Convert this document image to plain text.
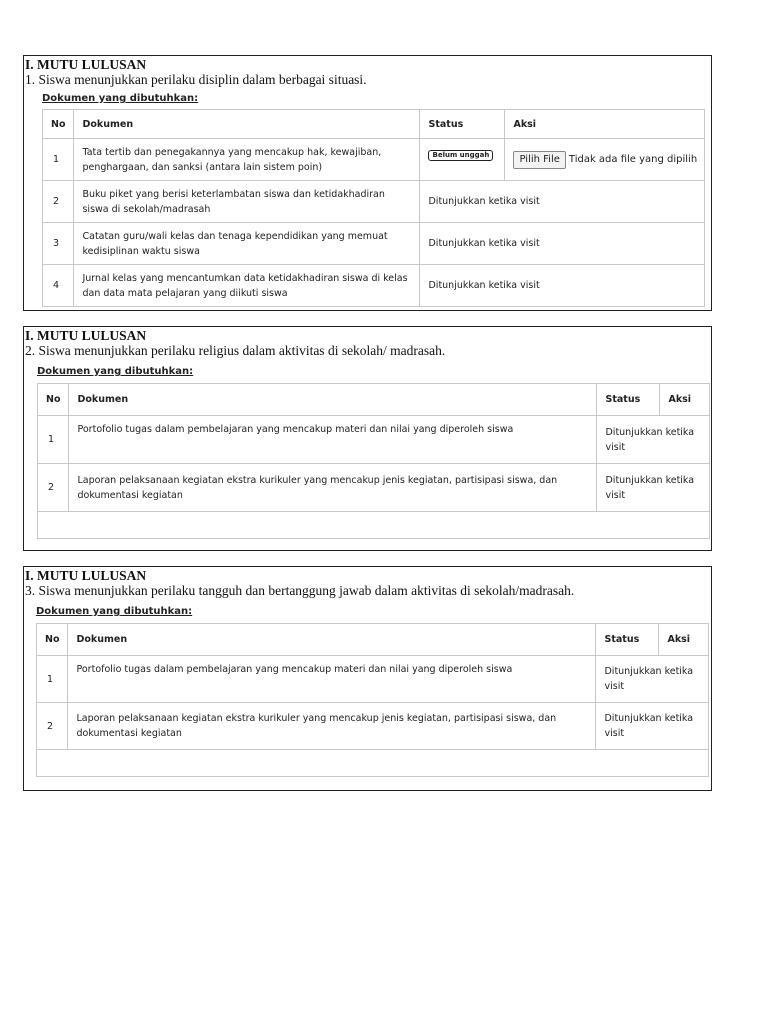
I. MUTU LULUSAN
1. Siswa menunjukkan perilaku disiplin dalam berbagai situasi.
Dokumen yang dibutuhkan:
No	Dokumen	Status	Aksi
1	Tata tertib dan penegakannya yang mencakup hak, kewajiban, penghargaan, dan sanksi (antara lain sistem poin)	Belum unggah	Pilih File Tidak ada file yang dipilih
2	Buku piket yang berisi keterlambatan siswa dan ketidakhadiran siswa di sekolah/madrasah	Ditunjukkan ketika visit	
3	Catatan guru/wali kelas dan tenaga kependidikan yang memuat kedisiplinan waktu siswa	Ditunjukkan ketika visit	
4	Jurnal kelas yang mencantumkan data ketidakhadiran siswa di kelas dan data mata pelajaran yang diikuti siswa	Ditunjukkan ketika visit	
I. MUTU LULUSAN
2. Siswa menunjukkan perilaku religius dalam aktivitas di sekolah/ madrasah.
Dokumen yang dibutuhkan:
No	Dokumen	Status	Aksi
1	Portofolio tugas dalam pembelajaran yang mencakup materi dan nilai yang diperoleh siswa	Ditunjukkan ketika visit	
2	Laporan pelaksanaan kegiatan ekstra kurikuler yang mencakup jenis kegiatan, partisipasi siswa, dan dokumentasi kegiatan	Ditunjukkan ketika visit	

I. MUTU LULUSAN
3. Siswa menunjukkan perilaku tangguh dan bertanggung jawab dalam aktivitas di sekolah/madrasah.
Dokumen yang dibutuhkan:
No	Dokumen	Status	Aksi
1	Portofolio tugas dalam pembelajaran yang mencakup materi dan nilai yang diperoleh siswa	Ditunjukkan ketika visit	
2	Laporan pelaksanaan kegiatan ekstra kurikuler yang mencakup jenis kegiatan, partisipasi siswa, dan dokumentasi kegiatan	Ditunjukkan ketika visit	
